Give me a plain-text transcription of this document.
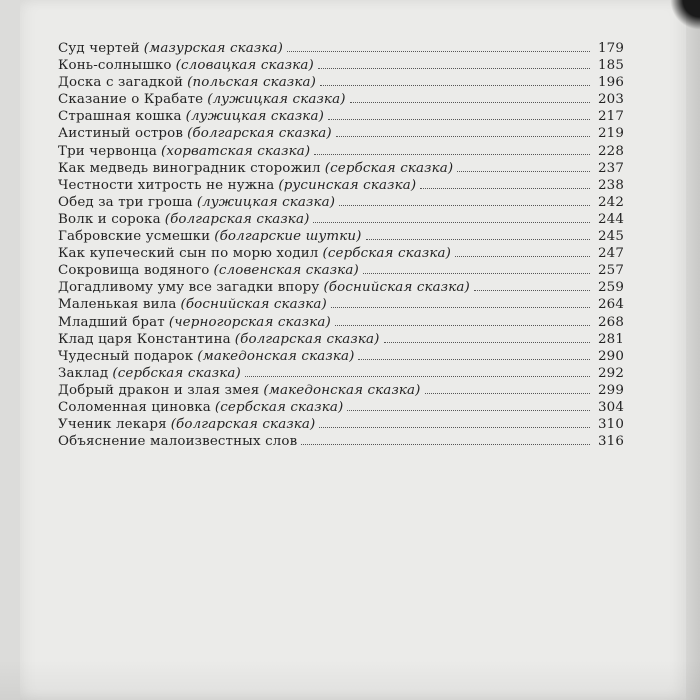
Суд чертей (мазурская сказка)	179
Конь-солнышко (словацкая сказка)	185
Доска с загадкой (польская сказка)	196
Сказание о Крабате (лужицкая сказка)	203
Страшная кошка (лужицкая сказка)	217
Аистиный остров (болгарская сказка)	219
Три червонца (хорватская сказка)	228
Как медведь виноградник сторожил (сербская сказка)	237
Честности хитрость не нужна (русинская сказка)	238
Обед за три гроша (лужицкая сказка)	242
Волк и сорока (болгарская сказка)	244
Габровские усмешки (болгарские шутки)	245
Как купеческий сын по морю ходил (сербская сказка)	247
Сокровища водяного (словенская сказка)	257
Догадливому уму все загадки впору (боснийская сказка)	259
Маленькая вила (боснийская сказка)	264
Младший брат (черногорская сказка)	268
Клад царя Константина (болгарская сказка)	281
Чудесный подарок (македонская сказка)	290
Заклад (сербская сказка)	292
Добрый дракон и злая змея (македонская сказка)	299
Соломенная циновка (сербская сказка)	304
Ученик лекаря (болгарская сказка)	310
Объяснение малоизвестных слов	316
